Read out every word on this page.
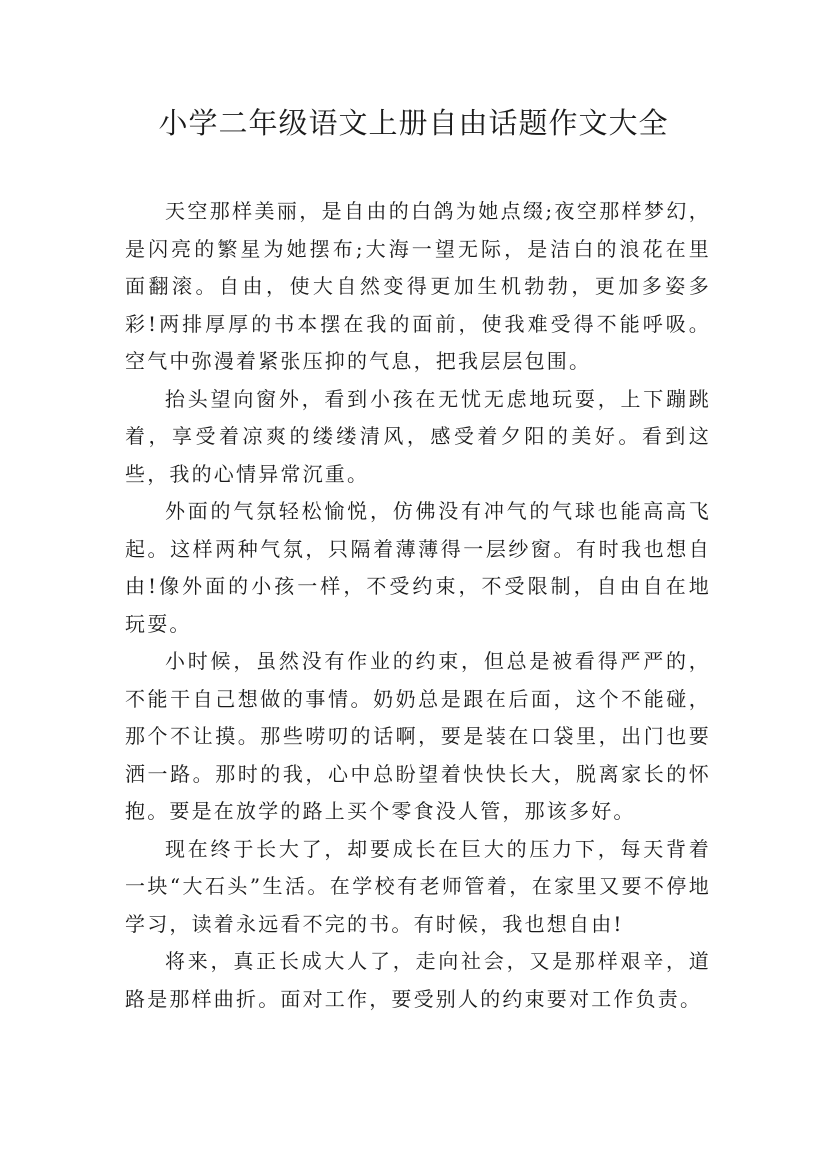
小学二年级语文上册自由话题作文大全

天空那样美丽，是自由的白鸽为她点缀;夜空那样梦幻，是闪亮的繁星为她摆布;大海一望无际，是洁白的浪花在里面翻滚。自由，使大自然变得更加生机勃勃，更加多姿多彩!两排厚厚的书本摆在我的面前，使我难受得不能呼吸。空气中弥漫着紧张压抑的气息，把我层层包围。

抬头望向窗外，看到小孩在无忧无虑地玩耍，上下蹦跳着，享受着凉爽的缕缕清风，感受着夕阳的美好。看到这些，我的心情异常沉重。

外面的气氛轻松愉悦，仿佛没有冲气的气球也能高高飞起。这样两种气氛，只隔着薄薄得一层纱窗。有时我也想自由!像外面的小孩一样，不受约束，不受限制，自由自在地玩耍。

小时候，虽然没有作业的约束，但总是被看得严严的，不能干自己想做的事情。奶奶总是跟在后面，这个不能碰，那个不让摸。那些唠叨的话啊，要是装在口袋里，出门也要洒一路。那时的我，心中总盼望着快快长大，脱离家长的怀抱。要是在放学的路上买个零食没人管，那该多好。

现在终于长大了，却要成长在巨大的压力下，每天背着一块“大石头”生活。在学校有老师管着，在家里又要不停地学习，读着永远看不完的书。有时候，我也想自由!

将来，真正长成大人了，走向社会，又是那样艰辛，道路是那样曲折。面对工作，要受别人的约束要对工作负责。
